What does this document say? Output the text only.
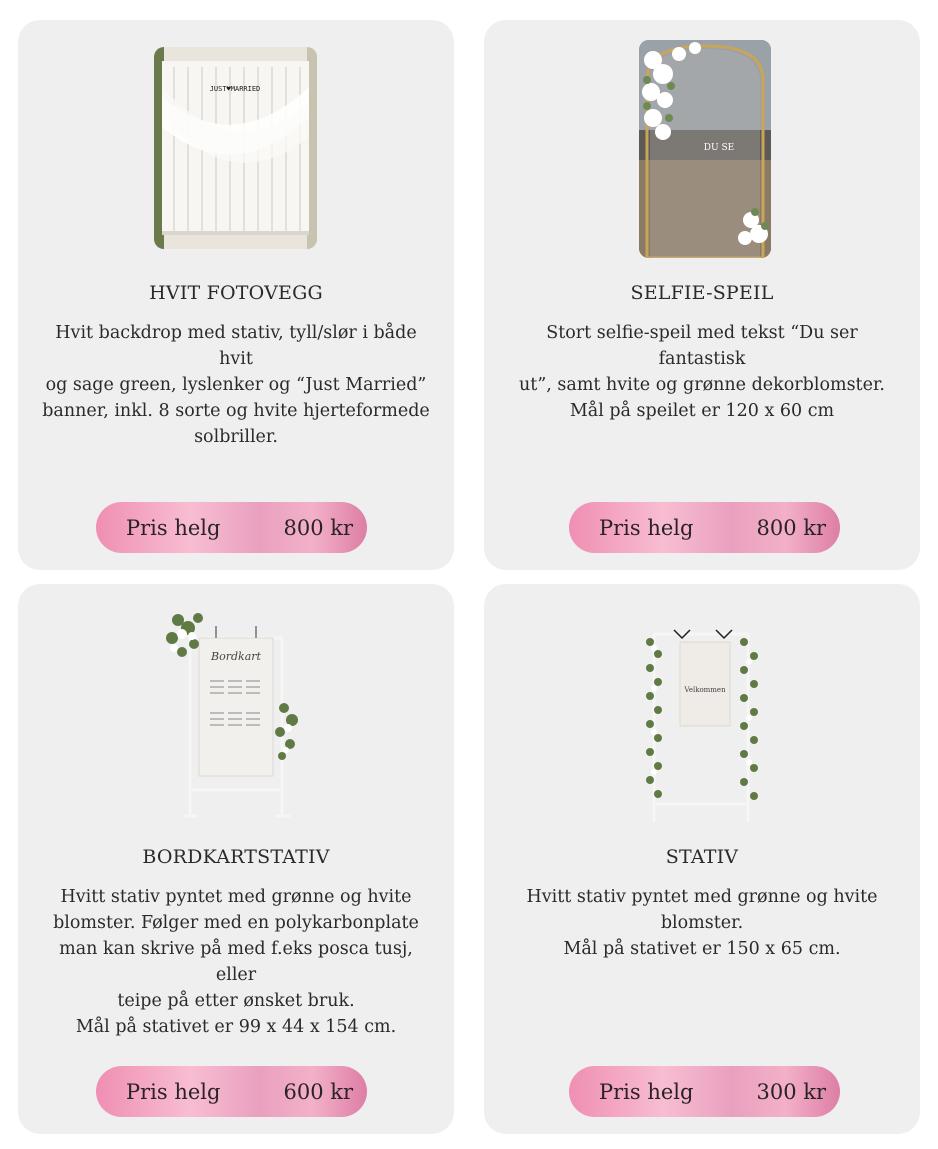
JUST♥MARRIED
HVIT FOTOVEGG
Hvit backdrop med stativ, tyll/slør i både hvit
og sage green, lyslenker og “Just Married”
banner, inkl. 8 sorte og hvite hjerteformede
solbriller.
Pris helg	800 kr
DU SE
SELFIE-SPEIL
Stort selfie-speil med tekst “Du ser fantastisk
ut”, samt hvite og grønne dekorblomster.
Mål på speilet er 120 x 60 cm
Pris helg	800 kr
Bordkart
BORDKARTSTATIV
Hvitt stativ pyntet med grønne og hvite
blomster. Følger med en polykarbonplate
man kan skrive på med f.eks posca tusj, eller
teipe på etter ønsket bruk.
Mål på stativet er 99 x 44 x 154 cm.
Pris helg	600 kr
Velkommen
STATIV
Hvitt stativ pyntet med grønne og hvite
blomster.
Mål på stativet er 150 x 65 cm.
Pris helg	300 kr
